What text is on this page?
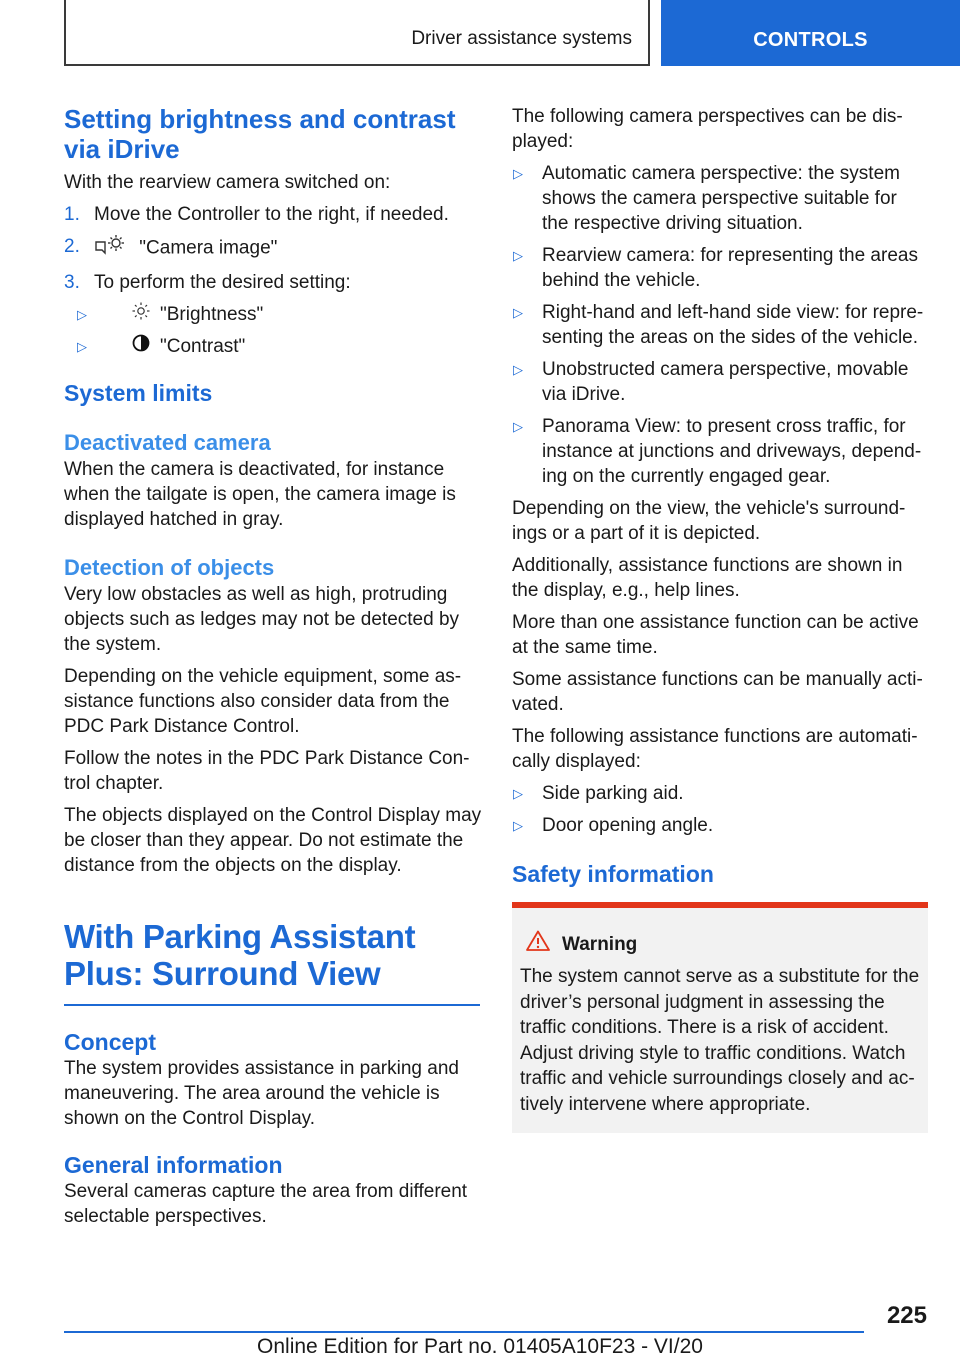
Driver assistance systems	CONTROLS
Setting brightness and contrast via iDrive

With the rearview camera switched on:

1. Move the Controller to the right, if needed.
2.	"Camera image"
3. To perform the desired setting:
▷	"Brightness"
▷	"Contrast"
System limits
Deactivated camera

When the camera is deactivated, for instance when the tailgate is open, the camera image is displayed hatched in gray.

Detection of objects

Very low obstacles as well as high, protruding objects such as ledges may not be detected by the system.

Depending on the vehicle equipment, some as-sistance functions also consider data from the PDC Park Distance Control.

Follow the notes in the PDC Park Distance Con-trol chapter.

The objects displayed on the Control Display may be closer than they appear. Do not estimate the distance from the objects on the display.

With Parking Assistant Plus: Surround View
Concept

The system provides assistance in parking and maneuvering. The area around the vehicle is shown on the Control Display.

General information

Several cameras capture the area from different selectable perspectives.

The following camera perspectives can be dis-played:

▷ Automatic camera perspective: the system shows the camera perspective suitable for the respective driving situation.
▷ Rearview camera: for representing the areas behind the vehicle.
▷ Right-hand and left-hand side view: for repre-senting the areas on the sides of the vehicle.
▷ Unobstructed camera perspective, movable via iDrive.
▷ Panorama View: to present cross traffic, for instance at junctions and driveways, depend-ing on the currently engaged gear.

Depending on the view, the vehicle's surround-ings or a part of it is depicted.

Additionally, assistance functions are shown in the display, e.g., help lines.

More than one assistance function can be active at the same time.

Some assistance functions can be manually acti-vated.

The following assistance functions are automati-cally displayed:

▷ Side parking aid.
▷ Door opening angle.
Safety information
Warning

The system cannot serve as a substitute for the driver’s personal judgment in assessing the traffic conditions. There is a risk of accident. Adjust driving style to traffic conditions. Watch traffic and vehicle surroundings closely and ac-tively intervene where appropriate.

225
Online Edition for Part no. 01405A10F23 - VI/20
